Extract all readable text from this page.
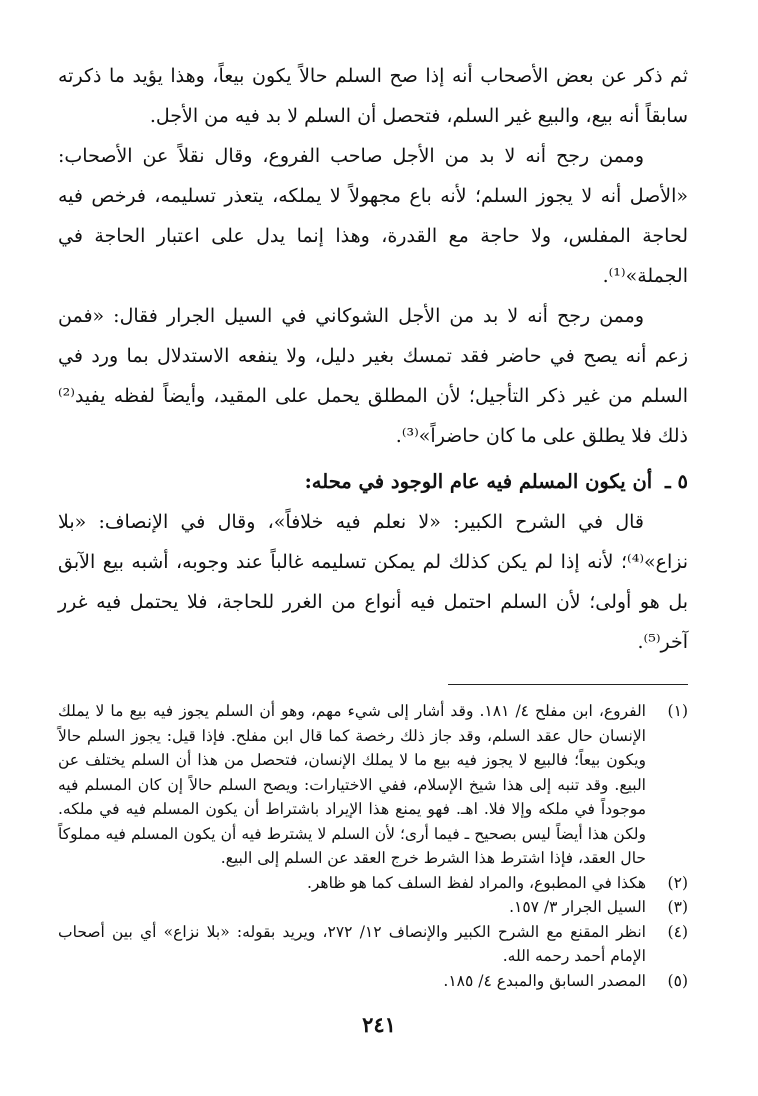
ثم ذكر عن بعض الأصحاب أنه إذا صح السلم حالاً يكون بيعاً، وهذا يؤيد ما ذكرته سابقاً أنه بيع، والبيع غير السلم، فتحصل أن السلم لا بد فيه من الأجل.

وممن رجح أنه لا بد من الأجل صاحب الفروع، وقال نقلاً عن الأصحاب: «الأصل أنه لا يجوز السلم؛ لأنه باع مجهولاً لا يملكه، يتعذر تسليمه، فرخص فيه لحاجة المفلس، ولا حاجة مع القدرة، وهذا إنما يدل على اعتبار الحاجة في الجملة»⁽¹⁾.

وممن رجح أنه لا بد من الأجل الشوكاني في السيل الجرار فقال: «فمن زعم أنه يصح في حاضر فقد تمسك بغير دليل، ولا ينفعه الاستدلال بما ورد في السلم من غير ذكر التأجيل؛ لأن المطلق يحمل على المقيد، وأيضاً لفظه يفيد⁽²⁾ ذلك فلا يطلق على ما كان حاضراً»⁽³⁾.

٥ ـ أن يكون المسلم فيه عام الوجود في محله:

قال في الشرح الكبير: «لا نعلم فيه خلافاً»، وقال في الإنصاف: «بلا نزاع»⁽⁴⁾؛ لأنه إذا لم يكن كذلك لم يمكن تسليمه غالباً عند وجوبه، أشبه بيع الآبق بل هو أولى؛ لأن السلم احتمل فيه أنواع من الغرر للحاجة، فلا يحتمل فيه غرر آخر⁽⁵⁾.

(١)
الفروع، ابن مفلح ٤/ ١٨١. وقد أشار إلى شيء مهم، وهو أن السلم يجوز فيه بيع ما لا يملك الإنسان حال عقد السلم، وقد جاز ذلك رخصة كما قال ابن مفلح. فإذا قيل: يجوز السلم حالاً ويكون بيعاً؛ فالبيع لا يجوز فيه بيع ما لا يملك الإنسان، فتحصل من هذا أن السلم يختلف عن البيع. وقد تنبه إلى هذا شيخ الإسلام، ففي الاختيارات: ويصح السلم حالاً إن كان المسلم فيه موجوداً في ملكه وإلا فلا. اهـ. فهو يمنع هذا الإيراد باشتراط أن يكون المسلم فيه في ملكه. ولكن هذا أيضاً ليس بصحيح ـ فيما أرى؛ لأن السلم لا يشترط فيه أن يكون المسلم فيه مملوكاً حال العقد، فإذا اشترط هذا الشرط خرج العقد عن السلم إلى البيع.
(٢)
هكذا في المطبوع، والمراد لفظ السلف كما هو ظاهر.
(٣)
السيل الجرار ٣/ ١٥٧.
(٤)
انظر المقنع مع الشرح الكبير والإنصاف ١٢/ ٢٧٢، ويريد بقوله: «بلا نزاع» أي بين أصحاب الإمام أحمد رحمه الله.
(٥)
المصدر السابق والمبدع ٤/ ١٨٥.
٢٤١
